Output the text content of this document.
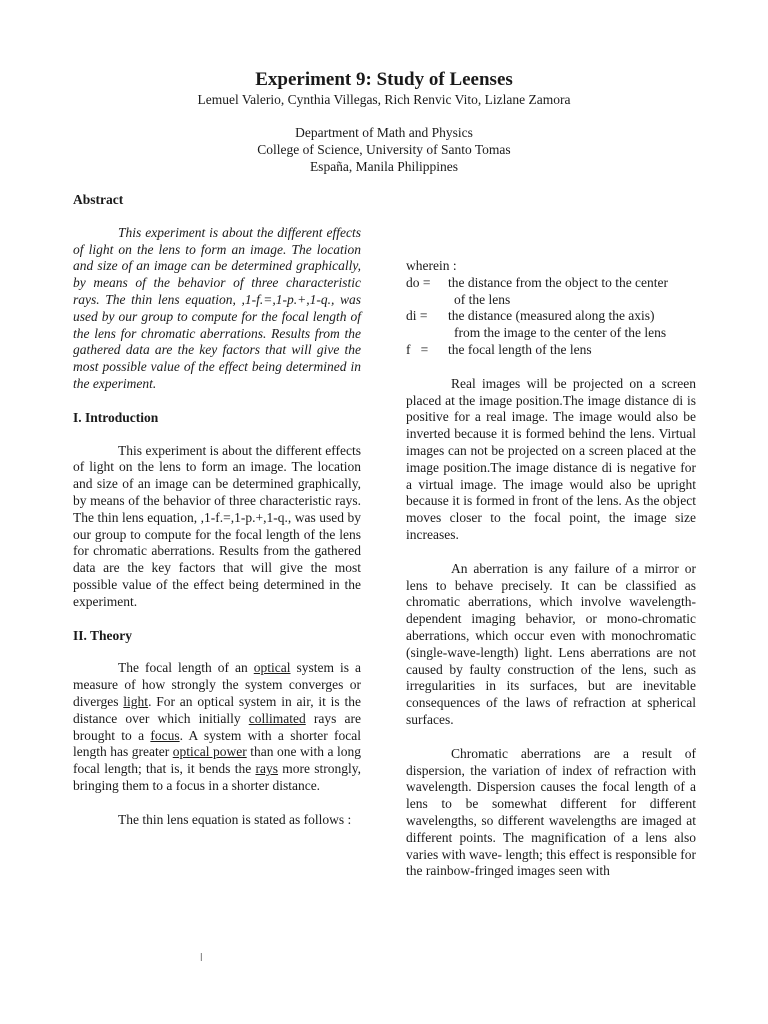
Experiment 9: Study of Leenses

Lemuel Valerio, Cynthia Villegas, Rich Renvic Vito, Lizlane Zamora

Department of Math and Physics

College of Science, University of Santo Tomas

España, Manila Philippines

Abstract

This experiment is about the different effects of light on the lens to form an image. The location and size of an image can be determined graphically, by means of the behavior of three characteristic rays. The thin lens equation, ,1-f.=,1-p.+,1-q., was used by our group to compute for the focal length of the lens for chromatic aberrations. Results from the gathered data are the key factors that will give the most possible value of the effect being determined in the experiment.

I. Introduction

This experiment is about the different effects of light on the lens to form an image. The location and size of an image can be determined graphically, by means of the behavior of three characteristic rays. The thin lens equation, ,1-f.=,1-p.+,1-q., was used by our group to compute for the focal length of the lens for chromatic aberrations. Results from the gathered data are the key factors that will give the most possible value of the effect being determined in the experiment.

II. Theory

The focal length of an optical system is a measure of how strongly the system converges or diverges light. For an optical system in air, it is the distance over which initially collimated rays are brought to a focus. A system with a shorter focal length has greater optical power than one with a long focal length; that is, it bends the rays more strongly, bringing them to a focus in a shorter distance.

The thin lens equation is stated as follows :

ǀ

wherein :

do =	the distance from the object to the center

of the lens

di =	the distance (measured along the axis)

from the image to the center of the lens

f   =	the focal length of the lens

Real images will be projected on a screen placed at the image position.The image distance di is positive for a real image. The image would also be inverted because it is formed behind the lens. Virtual images can not be projected on a screen placed at the image position.The image distance di is negative for a virtual image. The image would also be upright because it is formed in front of the lens. As the object moves closer to the focal point, the image size increases.

An aberration is any failure of a mirror or lens to behave precisely. It can be classified as chromatic aberrations, which involve wavelength-dependent imaging behavior, or mono-chromatic aberrations, which occur even with monochromatic (single-wave-length) light. Lens aberrations are not caused by faulty construction of the lens, such as irregularities in its surfaces, but are inevitable consequences of the laws of refraction at spherical surfaces.

Chromatic aberrations are a result of dispersion, the variation of index of refraction with wavelength. Dispersion causes the focal length of a lens to be somewhat different for different wavelengths, so different wavelengths are imaged at different points. The magnification of a lens also varies with wave- length; this effect is responsible for the rainbow-fringed images seen with
